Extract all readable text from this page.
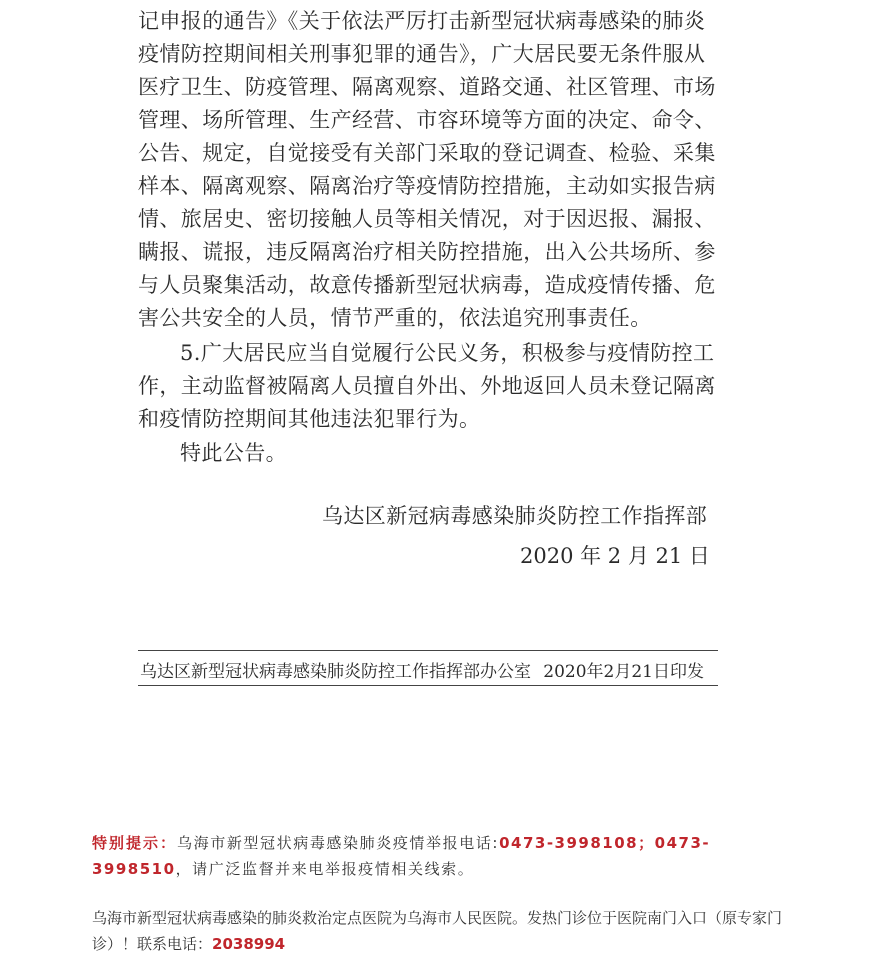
记申报的通告》《关于依法严厉打击新型冠状病毒感染的肺炎
疫情防控期间相关刑事犯罪的通告》，广大居民要无条件服从
医疗卫生、防疫管理、隔离观察、道路交通、社区管理、市场
管理、场所管理、生产经营、市容环境等方面的决定、命令、
公告、规定，自觉接受有关部门采取的登记调查、检验、采集
样本、隔离观察、隔离治疗等疫情防控措施，主动如实报告病
情、旅居史、密切接触人员等相关情况，对于因迟报、漏报、
瞒报、谎报，违反隔离治疗相关防控措施，出入公共场所、参
与人员聚集活动，故意传播新型冠状病毒，造成疫情传播、危
害公共安全的人员，情节严重的，依法追究刑事责任。
5.广大居民应当自觉履行公民义务，积极参与疫情防控工
作，主动监督被隔离人员擅自外出、外地返回人员未登记隔离
和疫情防控期间其他违法犯罪行为。
特此公告。
乌达区新冠病毒感染肺炎防控工作指挥部
2020 年 2 月 21 日
乌达区新型冠状病毒感染肺炎防控工作指挥部办公室 2020年2月21日印发
特别提示：乌海市新型冠状病毒感染肺炎疫情举报电话:0473-3998108；0473-3998510，请广泛监督并来电举报疫情相关线索。
乌海市新型冠状病毒感染的肺炎救治定点医院为乌海市人民医院。发热门诊位于医院南门入口（原专家门诊）！联系电话：2038994
